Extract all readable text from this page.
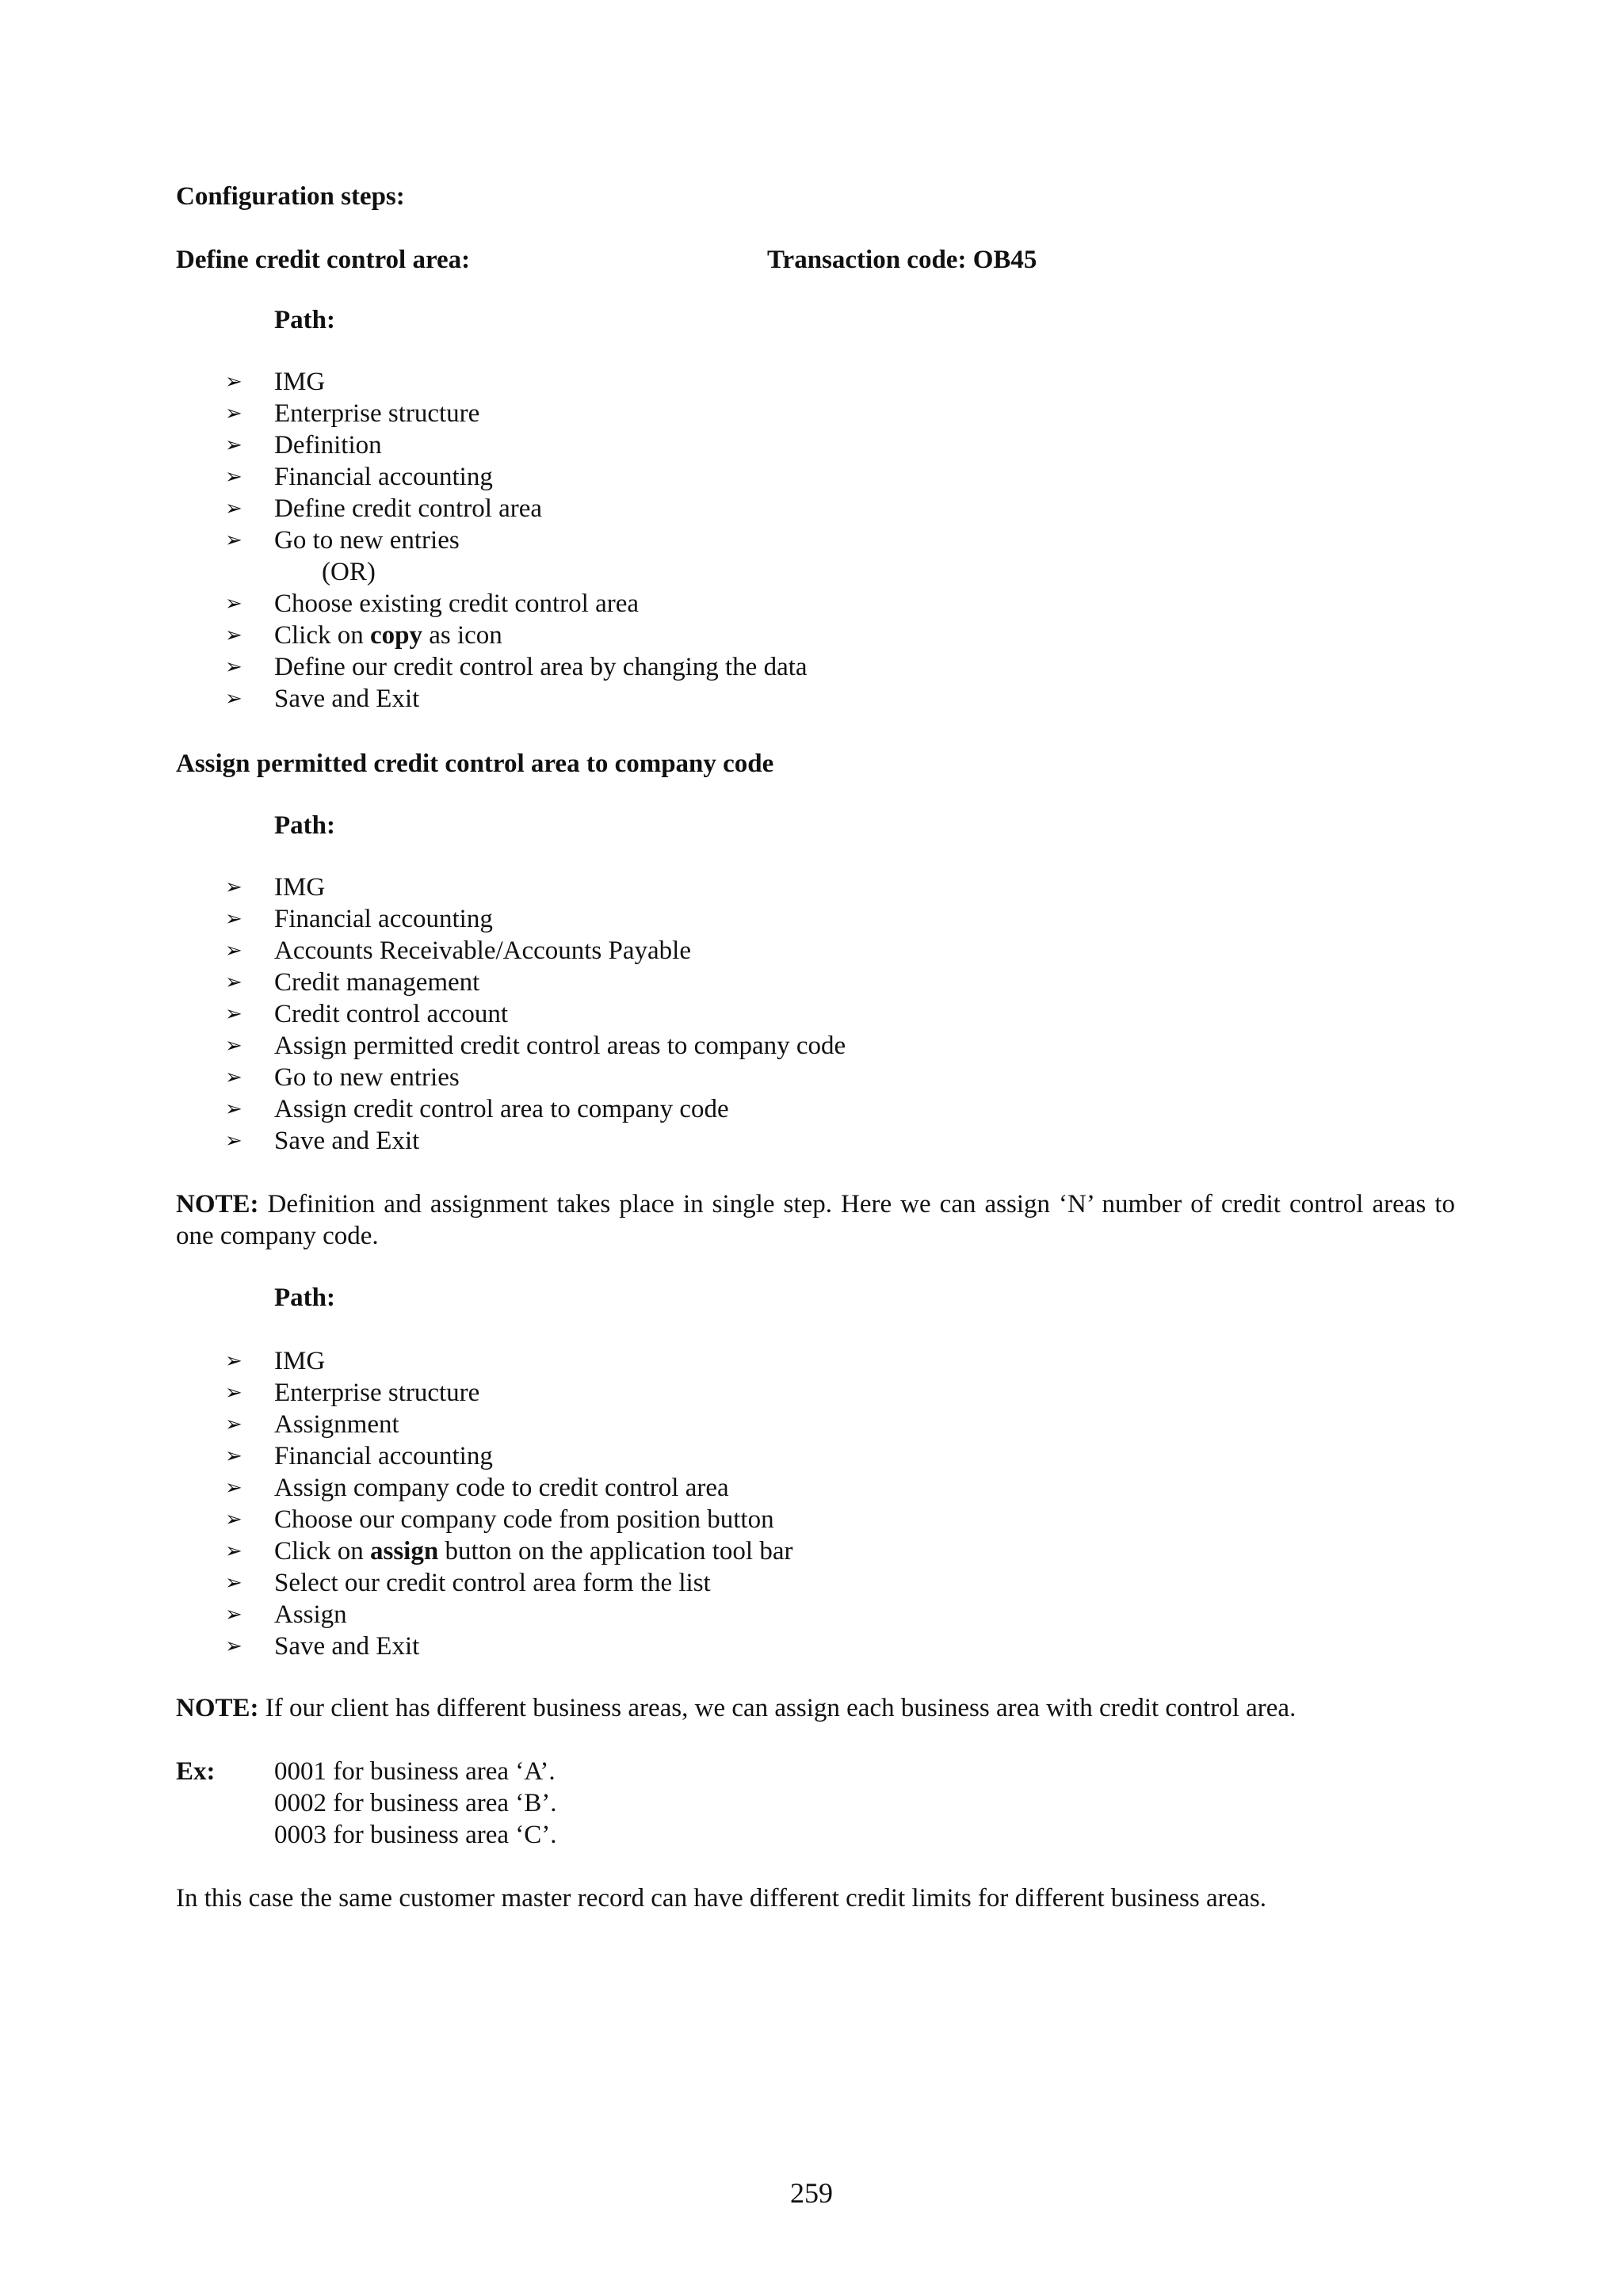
Configuration steps:
Define credit control area:	Transaction code: OB45
Path:
➢ IMG
➢ Enterprise structure
➢ Definition
➢ Financial accounting
➢ Define credit control area
➢ Go to new entries
(OR)
➢ Choose existing credit control area
➢ Click on copy as icon
➢ Define our credit control area by changing the data
➢ Save and Exit
Assign permitted credit control area to company code
Path:
➢ IMG
➢ Financial accounting
➢ Accounts Receivable/Accounts Payable
➢ Credit management
➢ Credit control account
➢ Assign permitted credit control areas to company code
➢ Go to new entries
➢ Assign credit control area to company code
➢ Save and Exit
NOTE: Definition and assignment takes place in single step. Here we can assign ‘N’ number of credit control areas to one company code.
Path:
➢ IMG
➢ Enterprise structure
➢ Assignment
➢ Financial accounting
➢ Assign company code to credit control area
➢ Choose our company code from position button
➢ Click on assign button on the application tool bar
➢ Select our credit control area form the list
➢ Assign
➢ Save and Exit
NOTE: If our client has different business areas, we can assign each business area with credit control area.
Ex: 0001 for business area ‘A’.
0002 for business area ‘B’.
0003 for business area ‘C’.
In this case the same customer master record can have different credit limits for different business areas.
259
